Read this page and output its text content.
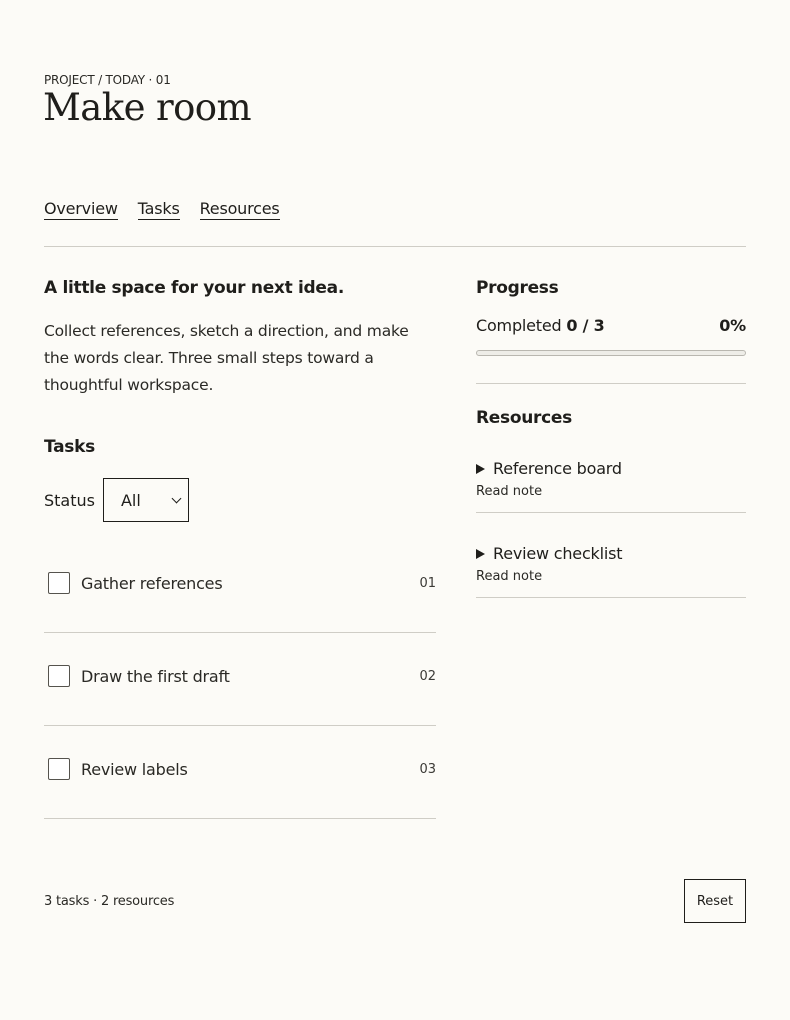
PROJECT / TODAY · 01
Make room
Overview Tasks Resources
A little space for your next idea.

Collect references, sketch a direction, and make the words clear. Three small steps toward a thoughtful workspace.

Tasks
Status All
Gather references	01
Draw the first draft	02
Review labels	03
Progress
Completed 0 / 3	0%
Resources
Reference board
Read note
Review checklist
Read note
3 tasks · 2 resources	Reset
